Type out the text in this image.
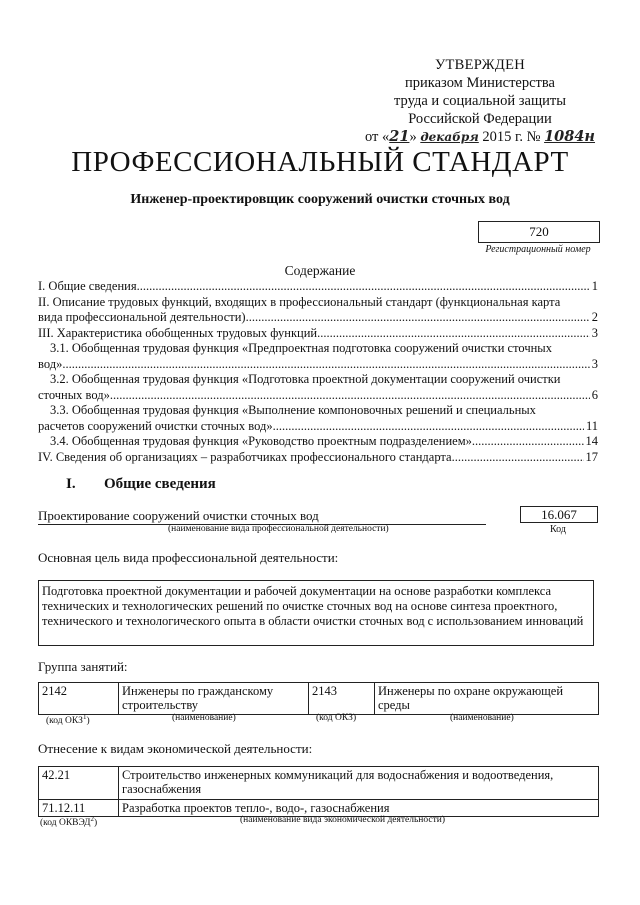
УТВЕРЖДЕН
приказом Министерства
труда и социальной защиты
Российской Федерации
от «21» декабря 2015 г. № 1084н
ПРОФЕССИОНАЛЬНЫЙ СТАНДАРТ
Инженер-проектировщик сооружений очистки сточных вод
720
Регистрационный номер
Содержание
I. Общие сведения .....	1
II. Описание трудовых функций, входящих в профессиональный стандарт (функциональная карта
вида профессиональной деятельности) .....	2
III. Характеристика обобщенных трудовых функций .....	3
3.1. Обобщенная трудовая функция «Предпроектная подготовка сооружений очистки сточных
вод» .....	3
3.2. Обобщенная трудовая функция «Подготовка проектной документации сооружений очистки
сточных вод» .....	6
3.3. Обобщенная трудовая функция «Выполнение компоновочных решений и специальных
расчетов сооружений очистки сточных вод» .....	11
3.4. Обобщенная трудовая функция «Руководство проектным подразделением» .....	14
IV. Сведения об организациях – разработчиках профессионального стандарта .....	17
I. Общие сведения
Проектирование сооружений очистки сточных вод
(наименование вида профессиональной деятельности)
16.067
Код
Основная цель вида профессиональной деятельности:
Подготовка проектной документации и рабочей документации на основе разработки комплекса технических и технологических решений по очистке сточных вод на основе синтеза проектного, технического и технологического опыта в области очистки сточных вод с использованием инноваций
Группа занятий:
2142	Инженеры по гражданскому строительству	2143	Инженеры по охране окружающей среды
(код ОКЗ$^1$)	(наименование)	(код ОКЗ)	(наименование)
Отнесение к видам экономической деятельности:
42.21	Строительство инженерных коммуникаций для водоснабжения и водоотведения, газоснабжения
71.12.11	Разработка проектов тепло-, водо-, газоснабжения
(код ОКВЭД$^2$)	(наименование вида экономической деятельности)
